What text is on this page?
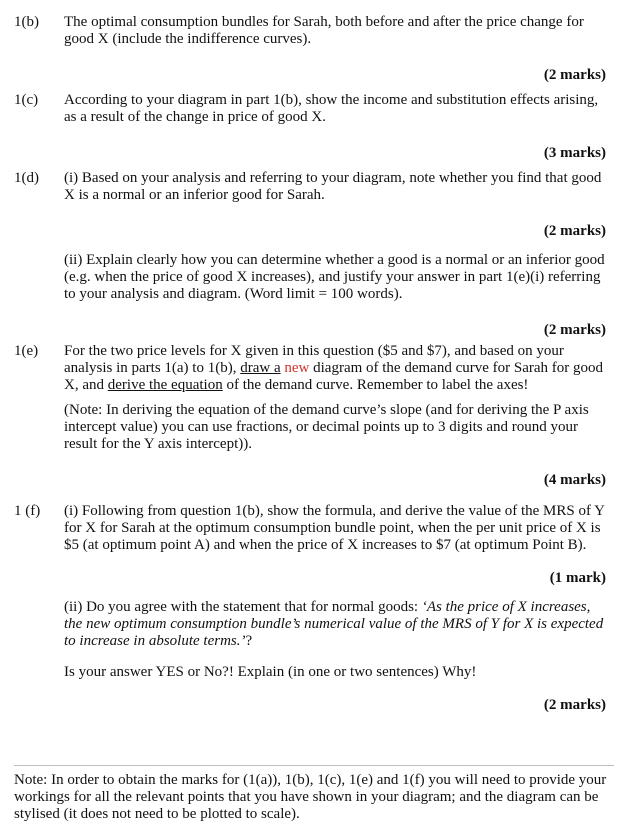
1(b)	The optimal consumption bundles for Sarah, both before and after the price change for good X (include the indifference curves).

(2 marks)
1(c)	According to your diagram in part 1(b), show the income and substitution effects arising, as a result of the change in price of good X.

(3 marks)
1(d)	(i) Based on your analysis and referring to your diagram, note whether you find that good X is a normal or an inferior good for Sarah.

(2 marks)

(ii) Explain clearly how you can determine whether a good is a normal or an inferior good (e.g. when the price of good X increases), and justify your answer in part 1(e)(i) referring to your analysis and diagram. (Word limit = 100 words).

(2 marks)
1(e)	For the two price levels for X given in this question ($5 and $7), and based on your analysis in parts 1(a) to 1(b), draw a new diagram of the demand curve for Sarah for good X, and derive the equation of the demand curve. Remember to label the axes!

(Note: In deriving the equation of the demand curve’s slope (and for deriving the P axis intercept value) you can use fractions, or decimal points up to 3 digits and round your result for the Y axis intercept)).

(4 marks)
1 (f)	(i) Following from question 1(b), show the formula, and derive the value of the MRS of Y for X for Sarah at the optimum consumption bundle point, when the per unit price of X is $5 (at optimum point A) and when the price of X increases to $7 (at optimum Point B).

(1 mark)

(ii) Do you agree with the statement that for normal goods: ‘As the price of X increases, the new optimum consumption bundle’s numerical value of the MRS of Y for X is expected to increase in absolute terms.’?

Is your answer YES or No?! Explain (in one or two sentences) Why!

(2 marks)

Note: In order to obtain the marks for (1(a)), 1(b), 1(c), 1(e) and 1(f) you will need to provide your workings for all the relevant points that you have shown in your diagram; and the diagram can be stylised (it does not need to be plotted to scale).
